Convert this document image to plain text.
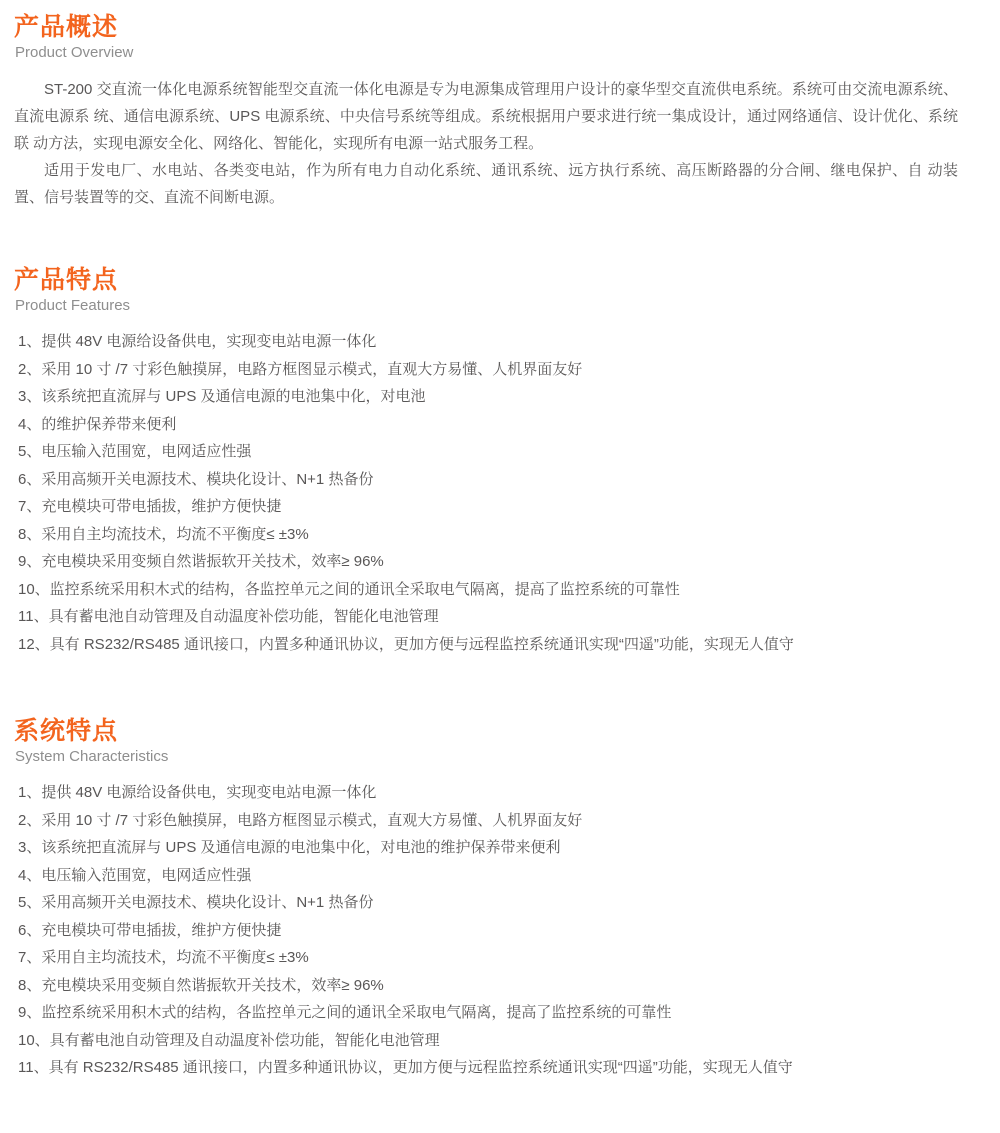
产品概述
Product Overview

ST-200 交直流一体化电源系统智能型交直流一体化电源是专为电源集成管理用户设计的豪华型交直流供电系统。系统可由交流电源系统、直流电源系 统、通信电源系统、UPS 电源系统、中央信号系统等组成。系统根据用户要求进行统一集成设计，通过网络通信、设计优化、系统联 动方法，实现电源安全化、网络化、智能化，实现所有电源一站式服务工程。

适用于发电厂、水电站、各类变电站，作为所有电力自动化系统、通讯系统、远方执行系统、高压断路器的分合闸、继电保护、自 动装置、信号装置等的交、直流不间断电源。

产品特点
Product Features
1、提供 48V 电源给设备供电，实现变电站电源一体化
2、采用 10 寸 /7 寸彩色触摸屏，电路方框图显示模式，直观大方易懂、人机界面友好
3、该系统把直流屏与 UPS 及通信电源的电池集中化，对电池
4、的维护保养带来便利
5、电压输入范围宽，电网适应性强
6、采用高频开关电源技术、模块化设计、N+1 热备份
7、充电模块可带电插拔，维护方便快捷
8、采用自主均流技术，均流不平衡度≤ ±3%
9、充电模块采用变频自然谐振软开关技术，效率≥ 96%
10、监控系统采用积木式的结构，各监控单元之间的通讯全采取电气隔离，提高了监控系统的可靠性
11、具有蓄电池自动管理及自动温度补偿功能，智能化电池管理
12、具有 RS232/RS485 通讯接口，内置多种通讯协议，更加方便与远程监控系统通讯实现“四遥”功能，实现无人值守
系统特点
System Characteristics
1、提供 48V 电源给设备供电，实现变电站电源一体化
2、采用 10 寸 /7 寸彩色触摸屏，电路方框图显示模式，直观大方易懂、人机界面友好
3、该系统把直流屏与 UPS 及通信电源的电池集中化，对电池的维护保养带来便利
4、电压输入范围宽，电网适应性强
5、采用高频开关电源技术、模块化设计、N+1 热备份
6、充电模块可带电插拔，维护方便快捷
7、采用自主均流技术，均流不平衡度≤ ±3%
8、充电模块采用变频自然谐振软开关技术，效率≥ 96%
9、监控系统采用积木式的结构，各监控单元之间的通讯全采取电气隔离，提高了监控系统的可靠性
10、具有蓄电池自动管理及自动温度补偿功能，智能化电池管理
11、具有 RS232/RS485 通讯接口，内置多种通讯协议，更加方便与远程监控系统通讯实现“四遥”功能，实现无人值守
